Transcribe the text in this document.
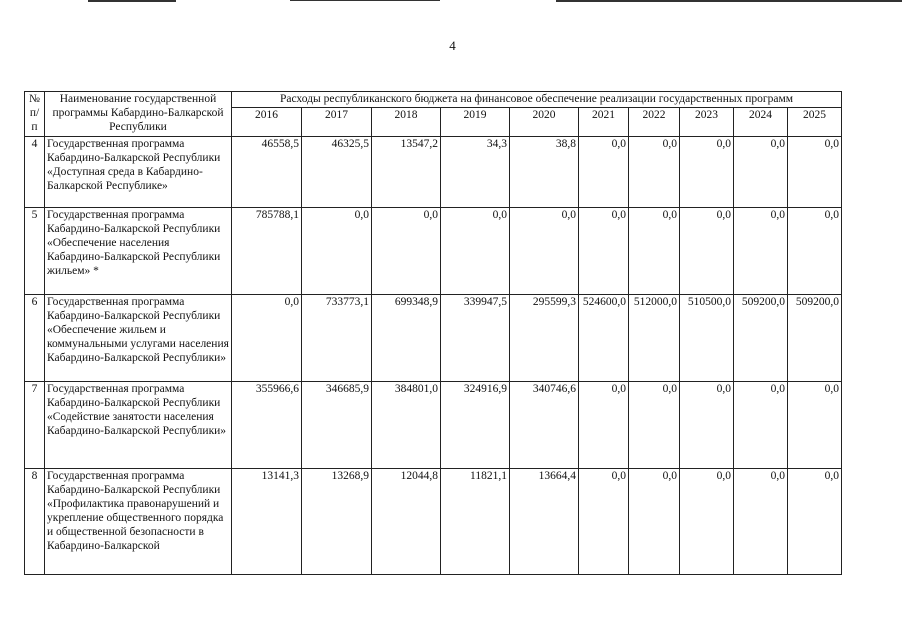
4
№ п/п	Наименование государственной программы Кабардино-Балкарской Республики	Расходы республиканского бюджета на финансовое обеспечение реализации государственных программ									
		2016	2017	2018	2019	2020	2021	2022	2023	2024	2025
4	Государственная программа Кабардино-Балкарской Республики «Доступная среда в Кабардино-Балкарской Республике»	46558,5	46325,5	13547,2	34,3	38,8	0,0	0,0	0,0	0,0	0,0
5	Государственная программа Кабардино-Балкарской Республики «Обеспечение населения Кабардино-Балкарской Республики жильем» *	785788,1	0,0	0,0	0,0	0,0	0,0	0,0	0,0	0,0	0,0
6	Государственная программа Кабардино-Балкарской Республики «Обеспечение жильем и коммунальными услугами населения Кабардино-Балкарской Республики»	0,0	733773,1	699348,9	339947,5	295599,3	524600,0	512000,0	510500,0	509200,0	509200,0
7	Государственная программа Кабардино-Балкарской Республики «Содействие занятости населения Кабардино-Балкарской Республики»	355966,6	346685,9	384801,0	324916,9	340746,6	0,0	0,0	0,0	0,0	0,0
8	Государственная программа Кабардино-Балкарской Республики «Профилактика правонарушений и укрепление общественного порядка и общественной безопасности в Кабардино-Балкарской	13141,3	13268,9	12044,8	11821,1	13664,4	0,0	0,0	0,0	0,0	0,0
